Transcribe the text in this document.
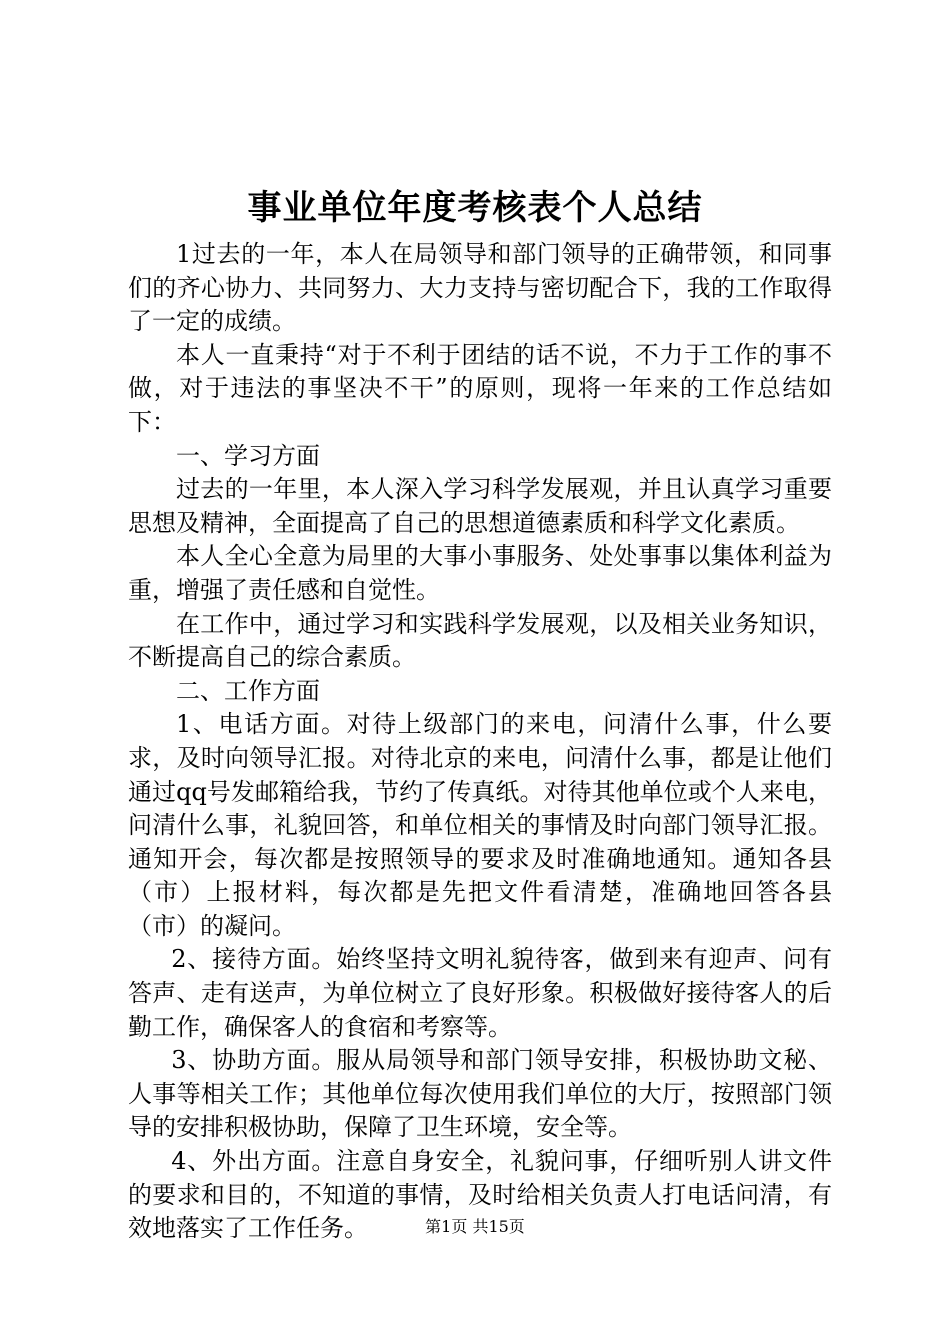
事业单位年度考核表个人总结

1过去的一年，本人在局领导和部门领导的正确带领，和同事们的齐心协力、共同努力、大力支持与密切配合下，我的工作取得了一定的成绩。

本人一直秉持“对于不利于团结的话不说，不力于工作的事不做，对于违法的事坚决不干”的原则，现将一年来的工作总结如下：

一、学习方面

过去的一年里，本人深入学习科学发展观，并且认真学习重要思想及精神，全面提高了自己的思想道德素质和科学文化素质。

本人全心全意为局里的大事小事服务、处处事事以集体利益为重，增强了责任感和自觉性。

在工作中，通过学习和实践科学发展观，以及相关业务知识，不断提高自己的综合素质。

二、工作方面

1、电话方面。对待上级部门的来电，问清什么事，什么要求，及时向领导汇报。对待北京的来电，问清什么事，都是让他们通过qq号发邮箱给我，节约了传真纸。对待其他单位或个人来电，问清什么事，礼貌回答，和单位相关的事情及时向部门领导汇报。通知开会，每次都是按照领导的要求及时准确地通知。通知各县（市）上报材料，每次都是先把文件看清楚，准确地回答各县（市）的凝问。

2、接待方面。始终坚持文明礼貌待客，做到来有迎声、问有答声、走有送声，为单位树立了良好形象。积极做好接待客人的后勤工作，确保客人的食宿和考察等。

3、协助方面。服从局领导和部门领导安排，积极协助文秘、人事等相关工作；其他单位每次使用我们单位的大厅，按照部门领导的安排积极协助，保障了卫生环境，安全等。

4、外出方面。注意自身安全，礼貌问事，仔细听别人讲文件的要求和目的，不知道的事情，及时给相关负责人打电话问清，有效地落实了工作任务。	第1页 共15页
